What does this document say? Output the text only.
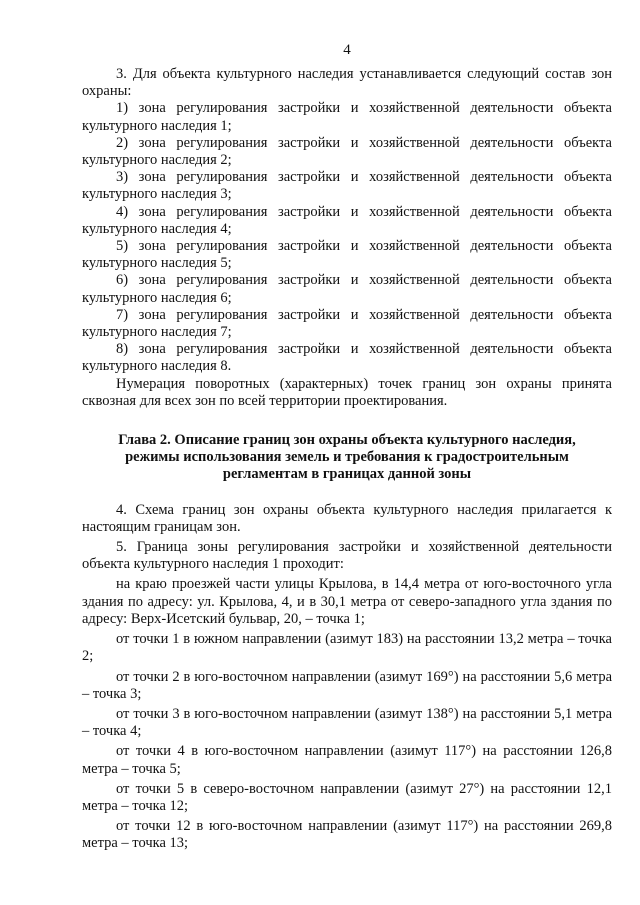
4

3. Для объекта культурного наследия устанавливается следующий состав зон охраны:

1) зона регулирования застройки и хозяйственной деятельности объекта

культурного наследия 1;

2) зона регулирования застройки и хозяйственной деятельности объекта

культурного наследия 2;

3) зона регулирования застройки и хозяйственной деятельности объекта

культурного наследия 3;

4) зона регулирования застройки и хозяйственной деятельности объекта

культурного наследия 4;

5) зона регулирования застройки и хозяйственной деятельности объекта

культурного наследия 5;

6) зона регулирования застройки и хозяйственной деятельности объекта

культурного наследия 6;

7) зона регулирования застройки и хозяйственной деятельности объекта

культурного наследия 7;

8) зона регулирования застройки и хозяйственной деятельности объекта

культурного наследия 8.

Нумерация поворотных (характерных) точек границ зон охраны принята сквозная для всех зон по всей территории проектирования.

Глава 2. Описание границ зон охраны объекта культурного наследия,
режимы использования земель и требования к градостроительным
регламентам в границах данной зоны

4. Схема границ зон охраны объекта культурного наследия прилагается к настоящим границам зон.

5. Граница зоны регулирования застройки и хозяйственной деятельности объекта культурного наследия 1 проходит:

на краю проезжей части улицы Крылова, в 14,4 метра от юго-восточного угла здания по адресу: ул. Крылова, 4, и в 30,1 метра от северо-западного угла здания по адресу: Верх-Исетский бульвар, 20, – точка 1;

от точки 1 в южном направлении (азимут 183) на расстоянии 13,2 метра – точка 2;

от точки 2 в юго-восточном направлении (азимут 169°) на расстоянии 5,6 метра – точка 3;

от точки 3 в юго-восточном направлении (азимут 138°) на расстоянии 5,1 метра – точка 4;

от точки 4 в юго-восточном направлении (азимут 117°) на расстоянии 126,8 метра – точка 5;

от точки 5 в северо-восточном направлении (азимут 27°) на расстоянии 12,1 метра – точка 12;

от точки 12 в юго-восточном направлении (азимут 117°) на расстоянии 269,8 метра – точка 13;
